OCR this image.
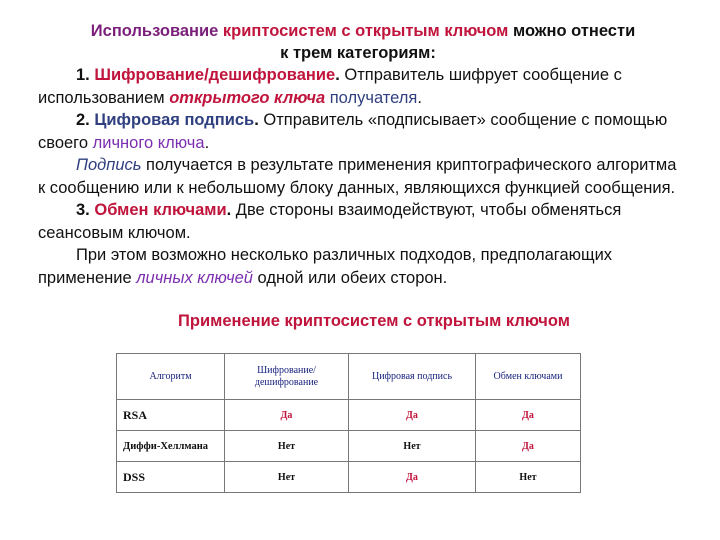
Использование криптосистем с открытым ключом можно отнести
к трем категориям:

1. Шифрование/дешифрование. Отправитель шифрует сообщение с использованием открытого ключа получателя.

2. Цифровая подпись. Отправитель «подписывает» сообщение с помощью своего личного ключа.

Подпись получается в результате применения криптографического алгоритма к сообщению или к небольшому блоку данных, являющихся функцией сообщения.

3. Обмен ключами. Две стороны взаимодействуют, чтобы обменяться сеансовым ключом.

При этом возможно несколько различных подходов, предполагающих применение личных ключей одной или обеих сторон.

Применение криптосистем с открытым ключом
Алгоритм	Шифрование/ дешифрование	Цифровая подпись	Обмен ключами
RSA	Да	Да	Да
Диффи-Хеллмана	Нет	Нет	Да
DSS	Нет	Да	Нет
